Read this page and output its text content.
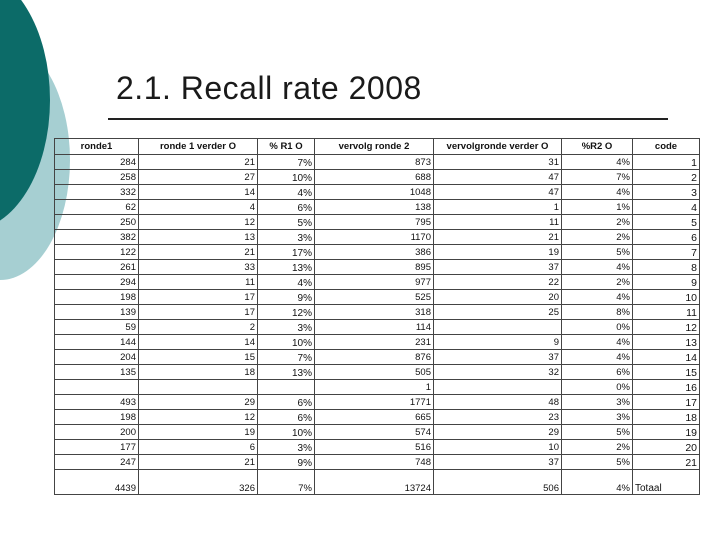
2.1. Recall rate 2008
ronde1	ronde 1 verder O	% R1 O	vervolg ronde 2	vervolgronde verder O	%R2 O	code
284	21	7%	873	31	4%	1
258	27	10%	688	47	7%	2
332	14	4%	1048	47	4%	3
62	4	6%	138	1	1%	4
250	12	5%	795	11	2%	5
382	13	3%	1170	21	2%	6
122	21	17%	386	19	5%	7
261	33	13%	895	37	4%	8
294	11	4%	977	22	2%	9
198	17	9%	525	20	4%	10
139	17	12%	318	25	8%	11
59	2	3%	114		0%	12
144	14	10%	231	9	4%	13
204	15	7%	876	37	4%	14
135	18	13%	505	32	6%	15
			1		0%	16
493	29	6%	1771	48	3%	17
198	12	6%	665	23	3%	18
200	19	10%	574	29	5%	19
177	6	3%	516	10	2%	20
247	21	9%	748	37	5%	21
4439	326	7%	13724	506	4%	Totaal
